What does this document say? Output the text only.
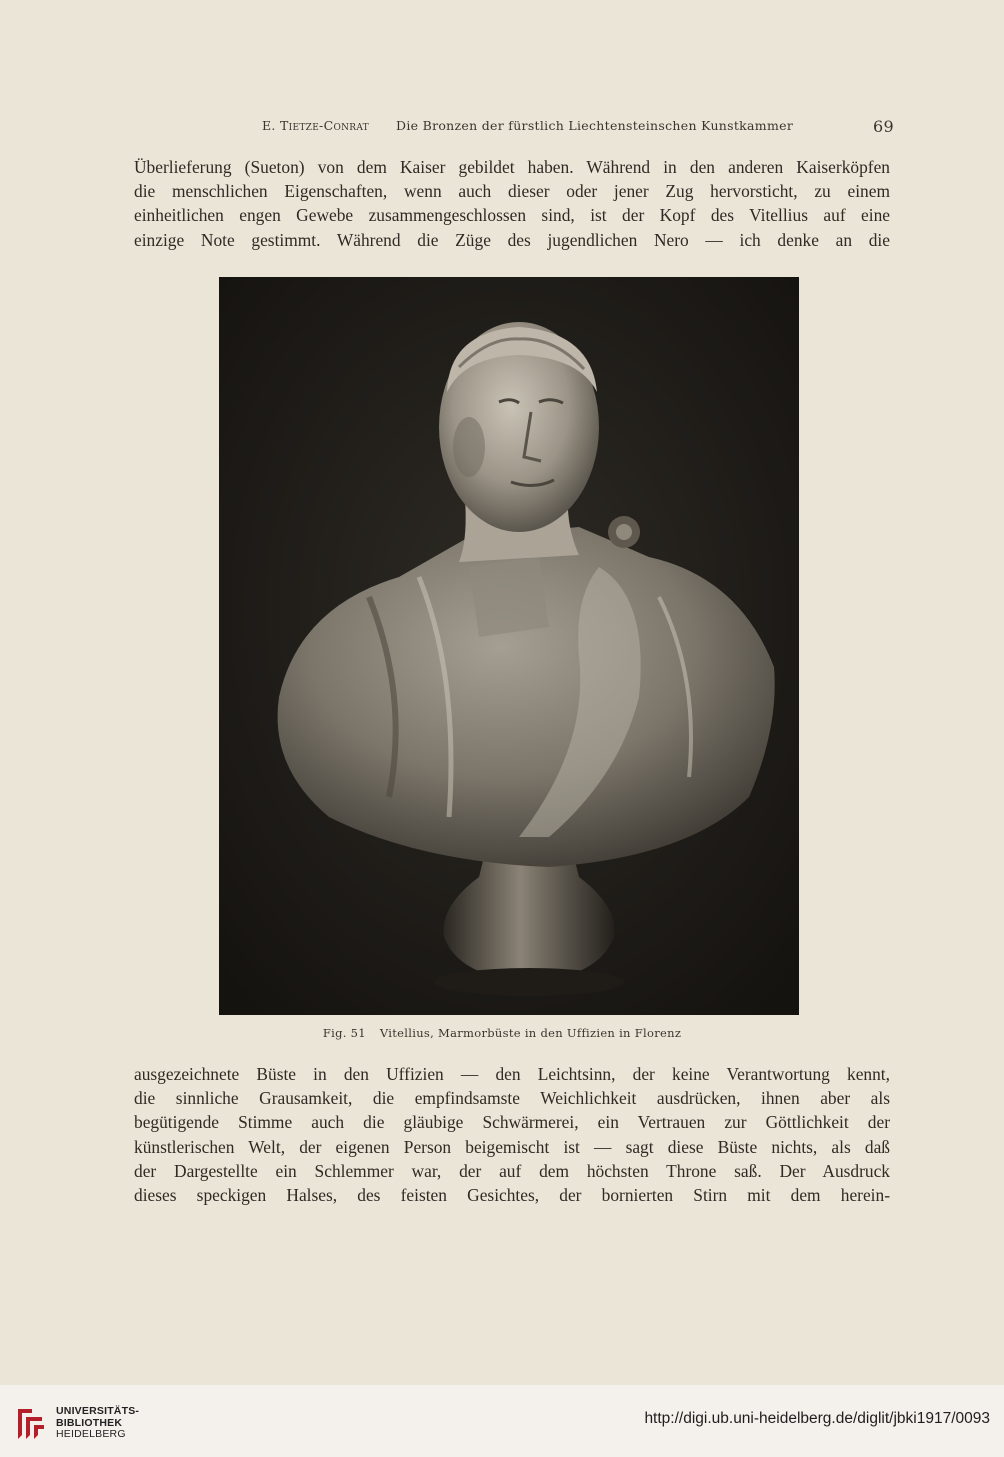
E. Tietze-Conrat Die Bronzen der fürstlich Liechtensteinschen Kunstkammer	69
Überlieferung (Sueton) von dem Kaiser gebildet haben. Während in den anderen Kaiserköpfen
die menschlichen Eigenschaften, wenn auch dieser oder jener Zug hervorsticht, zu einem
einheitlichen engen Gewebe zusammengeschlossen sind, ist der Kopf des Vitellius auf eine
einzige Note gestimmt. Während die Züge des jugendlichen Nero — ich denke an die
Fig. 51 Vitellius, Marmorbüste in den Uffizien in Florenz
ausgezeichnete Büste in den Uffizien — den Leichtsinn, der keine Verantwortung kennt,
die sinnliche Grausamkeit, die empfindsamste Weichlichkeit ausdrücken, ihnen aber als
begütigende Stimme auch die gläubige Schwärmerei, ein Vertrauen zur Göttlichkeit der
künstlerischen Welt, der eigenen Person beigemischt ist — sagt diese Büste nichts, als daß
der Dargestellte ein Schlemmer war, der auf dem höchsten Throne saß. Der Ausdruck
dieses speckigen Halses, des feisten Gesichtes, der bornierten Stirn mit dem herein-
UNIVERSITÄTS-
BIBLIOTHEK
HEIDELBERG
http://digi.ub.uni-heidelberg.de/diglit/jbki1917/0093
